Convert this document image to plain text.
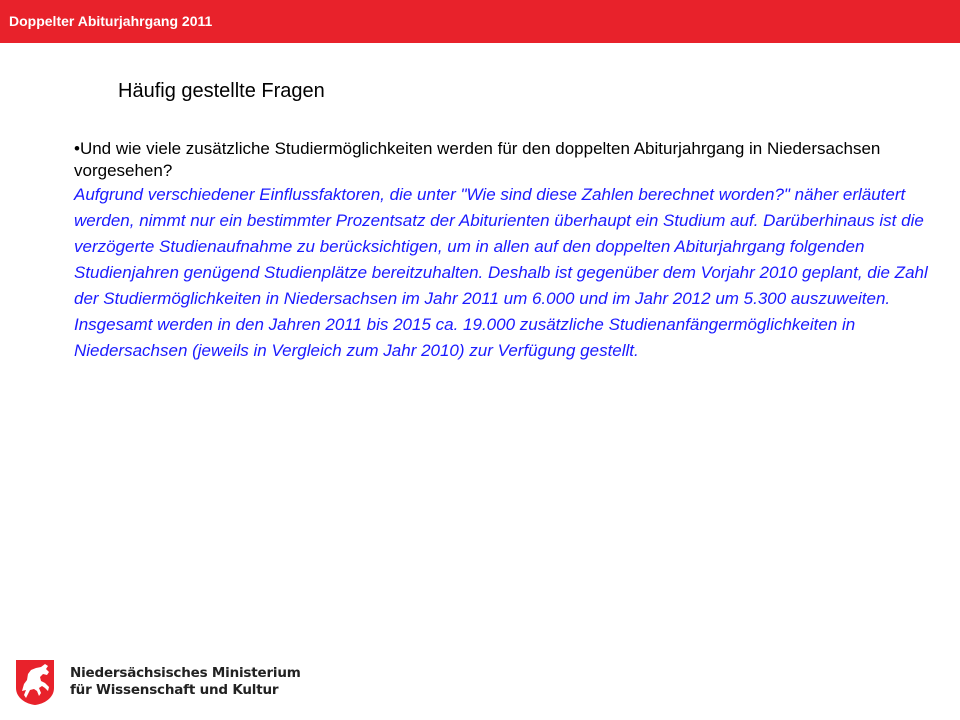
Doppelter Abiturjahrgang 2011
Häufig gestellte Fragen

•Und wie viele zusätzliche Studiermöglichkeiten werden für den doppelten Abiturjahrgang in Niedersachsen vorgesehen?

Aufgrund verschiedener Einflussfaktoren, die unter "Wie sind diese Zahlen berechnet worden?" näher erläutert werden, nimmt nur ein bestimmter Prozentsatz der Abiturienten überhaupt ein Studium auf. Darüberhinaus ist die verzögerte Studienaufnahme zu berücksichtigen, um in allen auf den doppelten Abiturjahrgang folgenden Studienjahren genügend Studienplätze bereitzuhalten. Deshalb ist gegenüber dem Vorjahr 2010 geplant, die Zahl der Studiermöglichkeiten in Niedersachsen im Jahr 2011 um 6.000 und im Jahr 2012 um 5.300 auszuweiten. Insgesamt werden in den Jahren 2011 bis 2015 ca. 19.000 zusätzliche Studienanfängermöglichkeiten in Niedersachsen (jeweils in Vergleich zum Jahr 2010) zur Verfügung gestellt.

Niedersächsisches Ministerium
für Wissenschaft und Kultur
